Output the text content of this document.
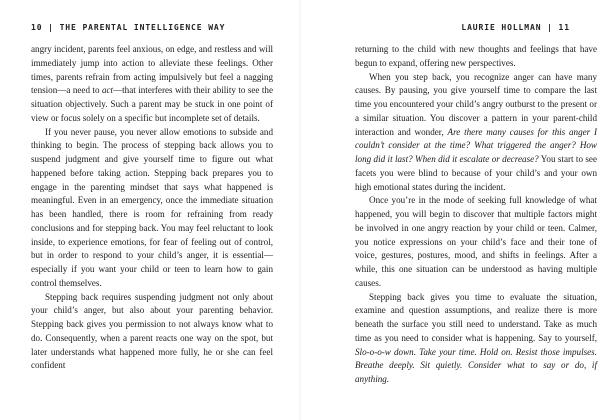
10 | THE PARENTAL INTELLIGENCE WAY

angry incident, parents feel anxious, on edge, and restless and will immediately jump into action to alleviate these feelings. Other times, parents refrain from acting impulsively but feel a nagging tension—a need to act—that interferes with their ability to see the situation objectively. Such a parent may be stuck in one point of view or focus solely on a specific but incomplete set of details.

If you never pause, you never allow emotions to subside and thinking to begin. The process of stepping back allows you to suspend judgment and give yourself time to figure out what happened before taking action. Stepping back prepares you to engage in the parenting mindset that says what happened is meaningful. Even in an emergency, once the immediate situation has been handled, there is room for refraining from ready conclusions and for stepping back. You may feel reluctant to look inside, to experience emotions, for fear of feeling out of control, but in order to respond to your child’s anger, it is essential—especially if you want your child or teen to learn how to gain control themselves.

Stepping back requires suspending judgment not only about your child’s anger, but also about your parenting behavior. Stepping back gives you permission to not always know what to do. Consequently, when a parent reacts one way on the spot, but later understands what happened more fully, he or she can feel confident

LAURIE HOLLMAN | 11

returning to the child with new thoughts and feelings that have begun to expand, offering new perspectives.

When you step back, you recognize anger can have many causes. By pausing, you give yourself time to compare the last time you encountered your child’s angry outburst to the present or a similar situation. You discover a pattern in your parent-child interaction and wonder, Are there many causes for this anger I couldn’t consider at the time? What triggered the anger? How long did it last? When did it escalate or decrease? You start to see facets you were blind to because of your child’s and your own high emotional states during the incident.

Once you’re in the mode of seeking full knowledge of what happened, you will begin to discover that multiple factors might be involved in one angry reaction by your child or teen. Calmer, you notice expressions on your child’s face and their tone of voice, gestures, postures, mood, and shifts in feelings. After a while, this one situation can be understood as having multiple causes.

Stepping back gives you time to evaluate the situation, examine and question assumptions, and realize there is more beneath the surface you still need to understand. Take as much time as you need to consider what is happening. Say to yourself, Slo-o-o-w down. Take your time. Hold on. Resist those impulses. Breathe deeply. Sit quietly. Consider what to say or do, if anything.
